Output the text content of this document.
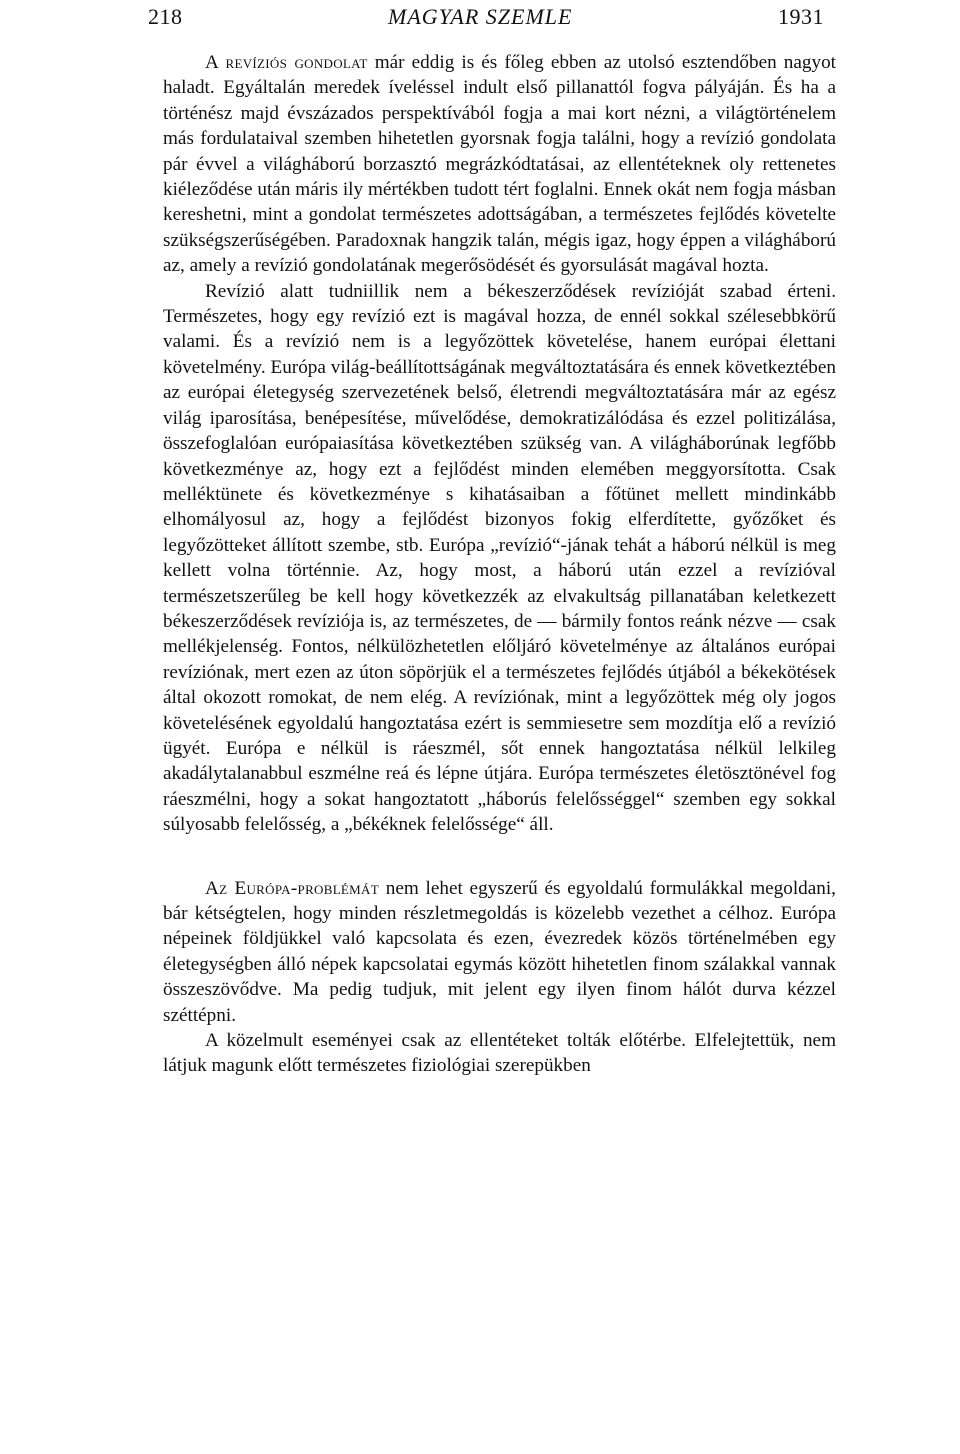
218	MAGYAR SZEMLE	1931

A revíziós gondolat már eddig is és főleg ebben az utolsó esztendőben nagyot haladt. Egyáltalán meredek íveléssel indult első pillanattól fogva pályáján. És ha a történész majd évszázados perspektívából fogja a mai kort nézni, a világtörténelem más fordulataival szemben hihetetlen gyorsnak fogja találni, hogy a revízió gondolata pár évvel a világháború borzasztó megrázkódtatásai, az ellentéteknek oly rettenetes kiéleződése után máris ily mértékben tudott tért foglalni. Ennek okát nem fogja másban kereshetni, mint a gondolat természetes adottságában, a természetes fejlődés követelte szükségszerűségében. Paradoxnak hangzik talán, mégis igaz, hogy éppen a világháború az, amely a revízió gondolatának megerősödését és gyorsulását magával hozta.

Revízió alatt tudniillik nem a békeszerződések revízióját szabad érteni. Természetes, hogy egy revízió ezt is magával hozza, de ennél sokkal szélesebbkörű valami. És a revízió nem is a legyőzöttek követelése, hanem európai élettani követelmény. Európa világ-beállítottságának megváltoztatására és ennek következtében az európai életegység szervezetének belső, életrendi megváltoztatására már az egész világ iparosítása, benépesítése, művelődése, demokratizálódása és ezzel politizálása, összefoglalóan európaiasítása következtében szükség van. A világháborúnak legfőbb következménye az, hogy ezt a fejlődést minden elemében meggyorsította. Csak melléktünete és következménye s kihatásaiban a főtünet mellett mindinkább elhomályosul az, hogy a fejlődést bizonyos fokig elferdítette, győzőket és legyőzötteket állított szembe, stb. Európa „revízió“-jának tehát a háború nélkül is meg kellett volna történnie. Az, hogy most, a háború után ezzel a revízióval természetszerűleg be kell hogy következzék az elvakultság pillanatában keletkezett békeszerződések revíziója is, az természetes, de — bármily fontos reánk nézve — csak mellékjelenség. Fontos, nélkülözhetetlen előljáró követelménye az általános európai revíziónak, mert ezen az úton söpörjük el a természetes fejlődés útjából a békekötések által okozott romokat, de nem elég. A revíziónak, mint a legyőzöttek még oly jogos követelésének egyoldalú hangoztatása ezért is semmiesetre sem mozdítja elő a revízió ügyét. Európa e nélkül is ráeszmél, sőt ennek hangoztatása nélkül lelkileg akadálytalanabbul eszmélne reá és lépne útjára. Európa természetes életösztönével fog ráeszmélni, hogy a sokat hangoztatott „háborús felelősséggel“ szemben egy sokkal súlyosabb felelősség, a „békéknek felelőssége“ áll.

Az Európa-problémát nem lehet egyszerű és egyoldalú formulákkal megoldani, bár kétségtelen, hogy minden részletmegoldás is közelebb vezethet a célhoz. Európa népeinek földjükkel való kapcsolata és ezen, évezredek közös történelmében egy életegységben álló népek kapcsolatai egymás között hihetetlen finom szálakkal vannak összeszövődve. Ma pedig tudjuk, mit jelent egy ilyen finom hálót durva kézzel széttépni.

A közelmult eseményei csak az ellentéteket tolták előtérbe. Elfelejtettük, nem látjuk magunk előtt természetes fiziológiai szerepükben
